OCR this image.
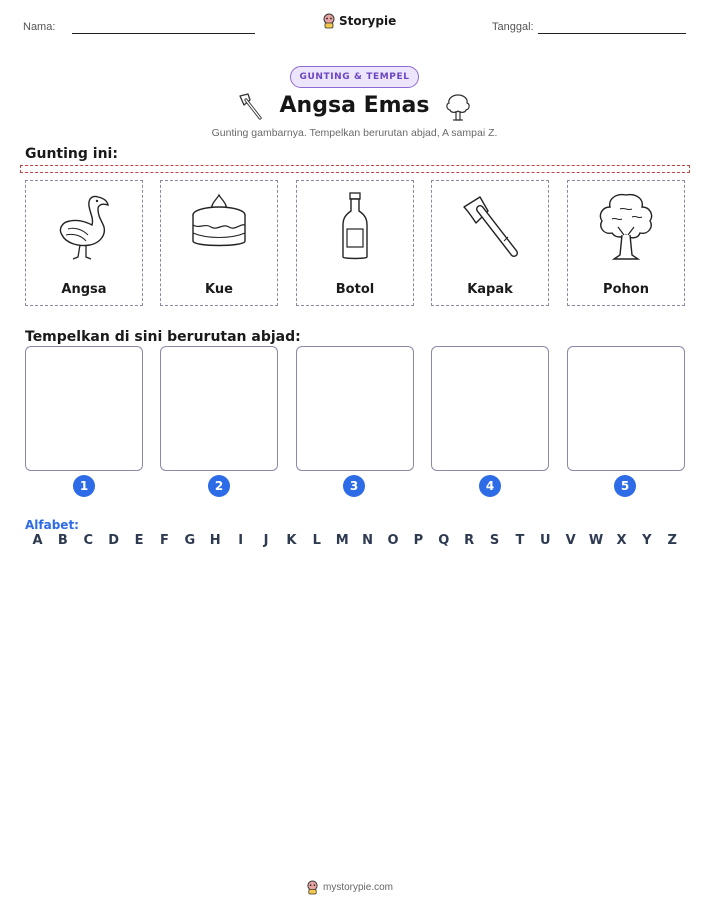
Nama:	Storypie	Tanggal:
GUNTING & TEMPEL
Angsa Emas
Gunting gambarnya. Tempelkan berurutan abjad, A sampai Z.
Gunting ini:
Angsa	Kue	Botol	Kapak	Pohon
Tempelkan di sini berurutan abjad:
1	2	3	4	5
Alfabet:
A	B	C	D	E	F	G	H	I	J	K	L	M	N	O	P	Q	R	S	T	U	V	W	X	Y	Z
mystorypie.com
